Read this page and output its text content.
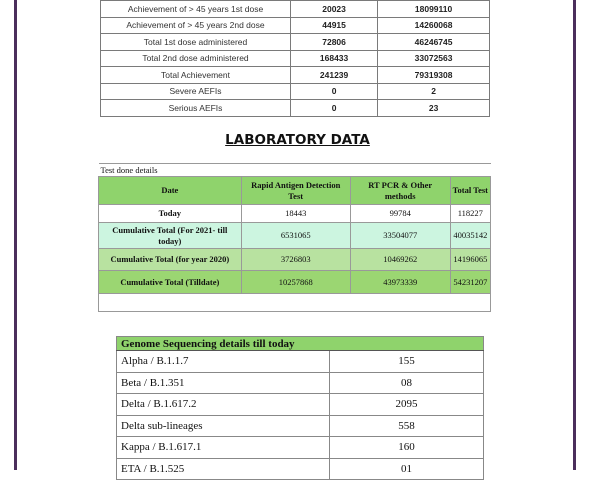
Achievement of > 45 years 1st dose	20023	18099110
Achievement of > 45 years 2nd dose	44915	14260068
Total 1st dose administered	72806	46246745
Total 2nd dose administered	168433	33072563
Total Achievement	241239	79319308
Severe AEFIs	0	2
Serious AEFIs	0	23
LABORATORY DATA
Test done details			
Date	Rapid Antigen Detection Test	RT PCR & Other methods	Total Test
Today	18443	99784	118227
Cumulative Total (For 2021- till today)	6531065	33504077	40035142
Cumulative Total (for year 2020)	3726803	10469262	14196065
Cumulative Total (Tilldate)	10257868	43973339	54231207

Genome Sequencing details till today	
Alpha / B.1.1.7	155
Beta / B.1.351	08
Delta / B.1.617.2	2095
Delta sub-lineages	558
Kappa / B.1.617.1	160
ETA / B.1.525	01
